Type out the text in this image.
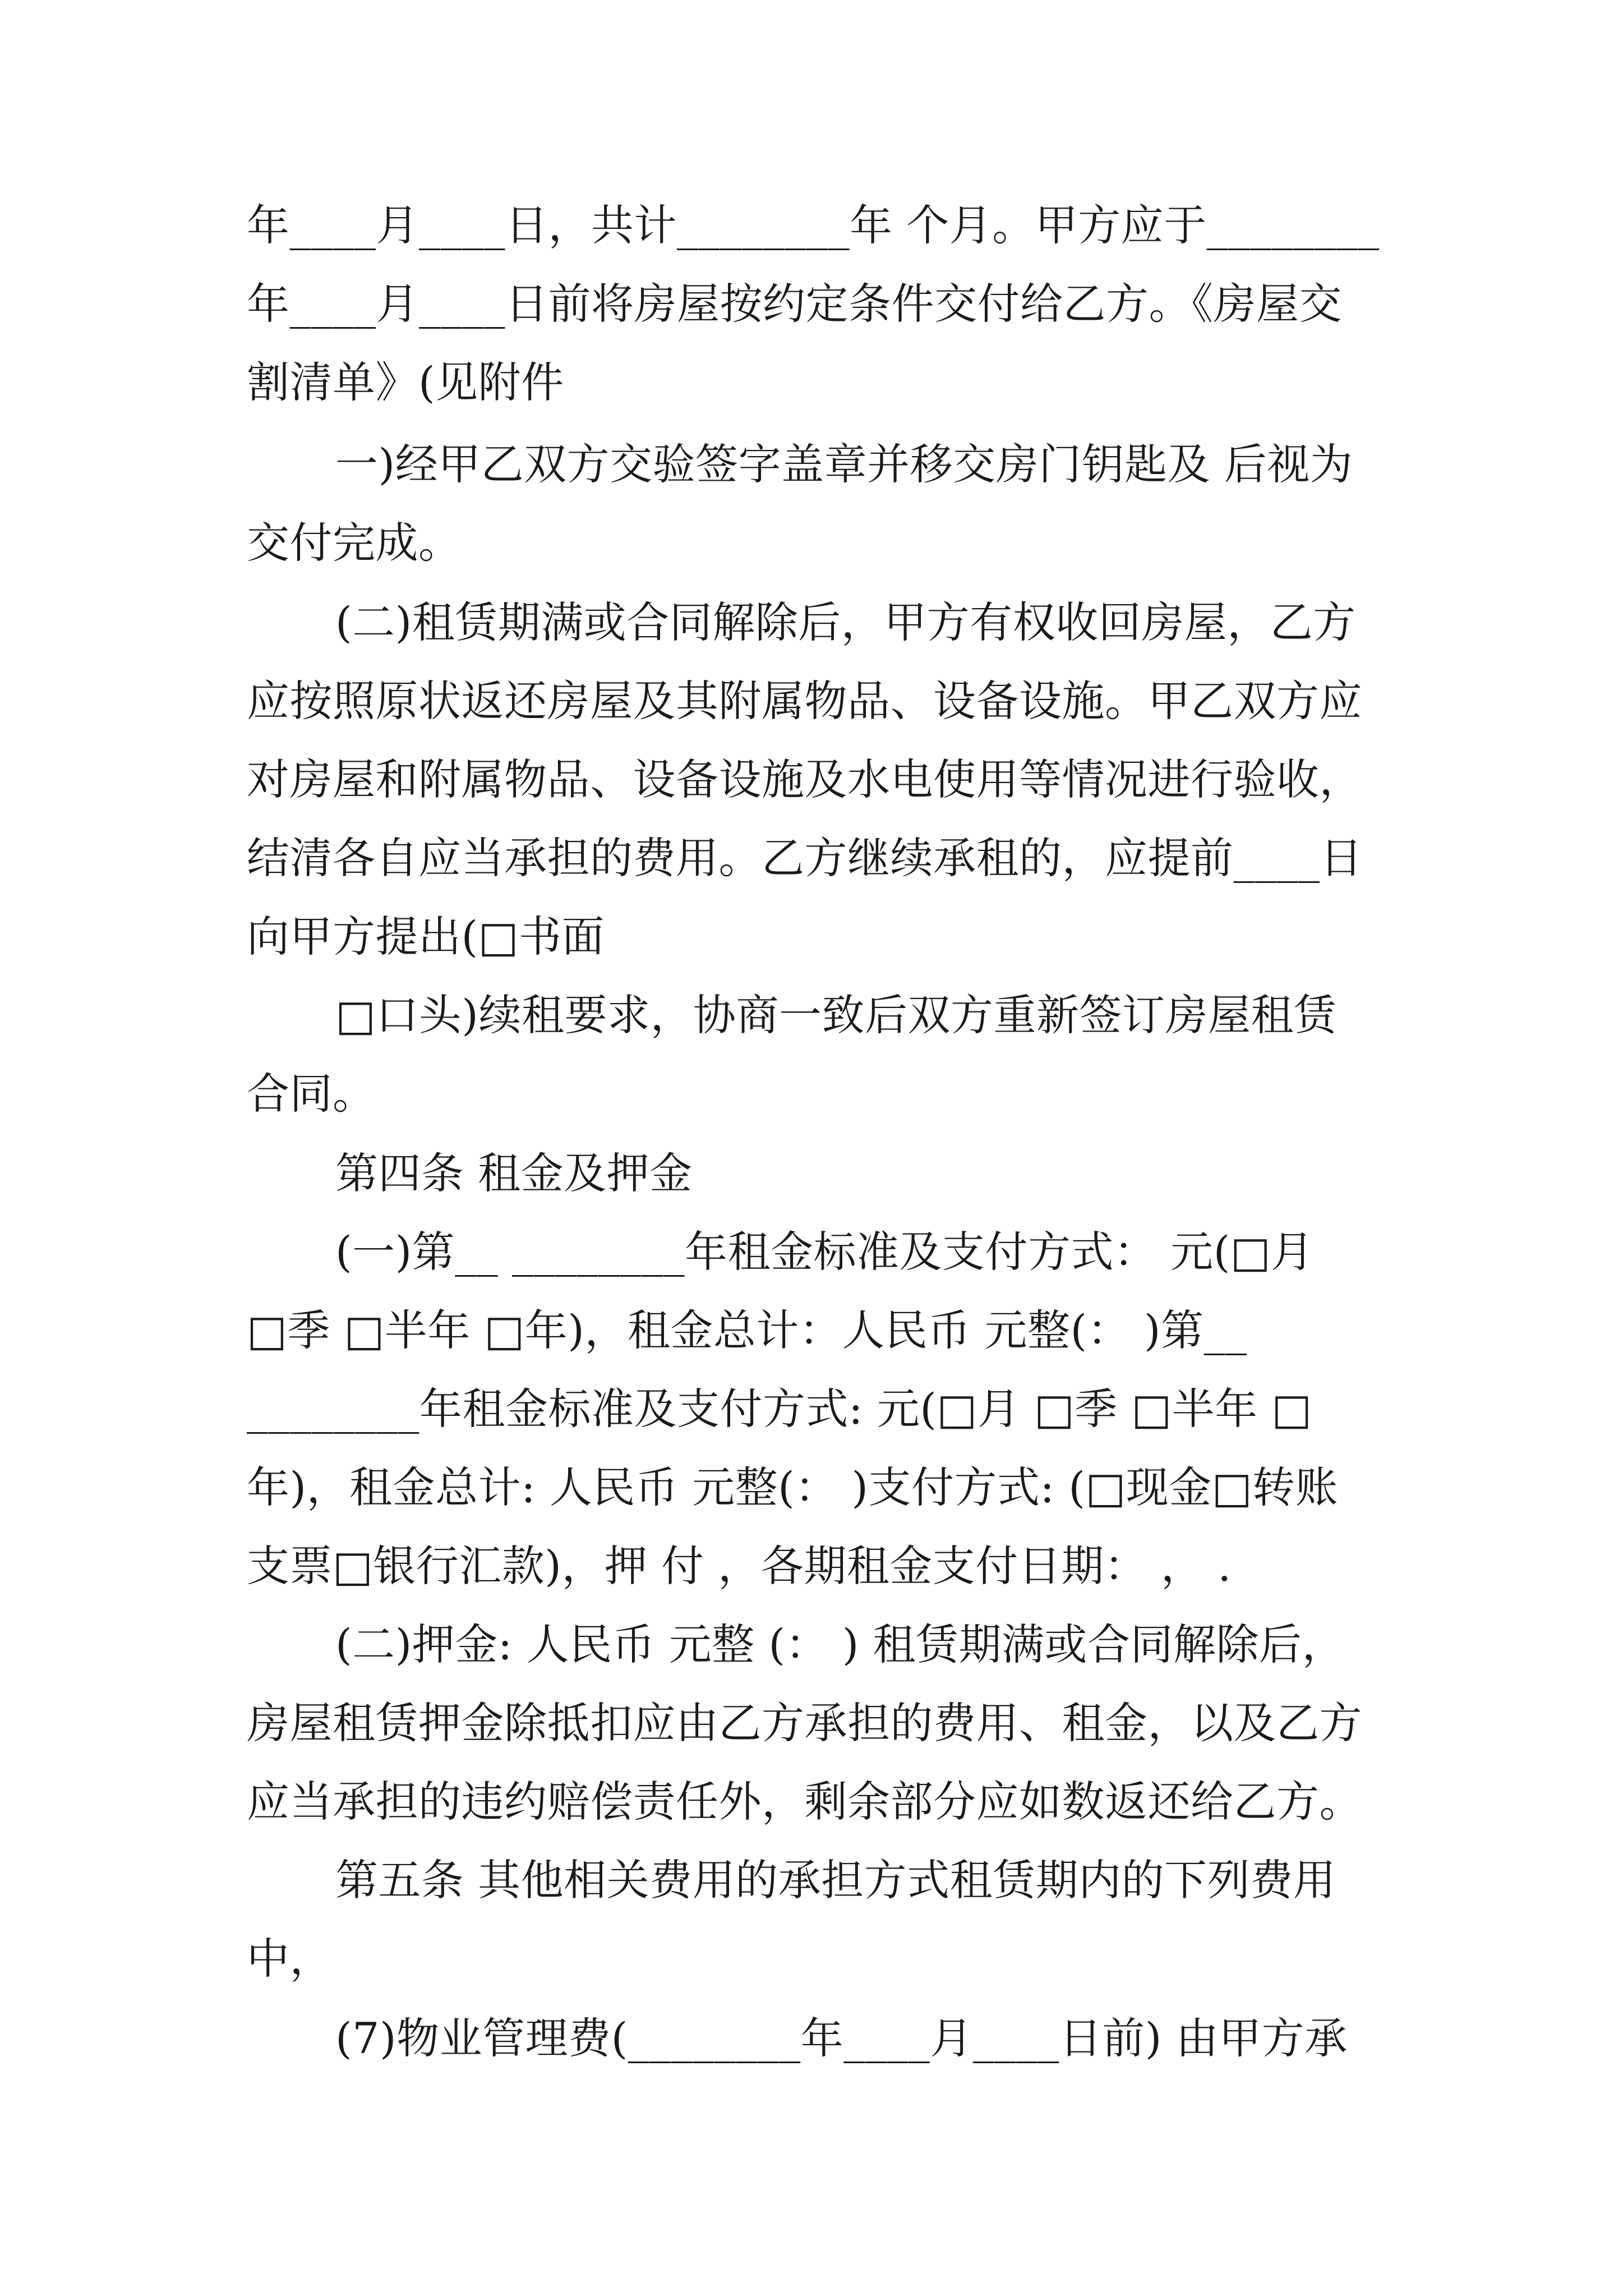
年____月____日，共计________年 个月。甲方应于________
年____月____日前将房屋按约定条件交付给乙方。《房屋交
割清单》(见附件
一)经甲乙双方交验签字盖章并移交房门钥匙及 后视为
交付完成。
(二)租赁期满或合同解除后，甲方有权收回房屋，乙方
应按照原状返还房屋及其附属物品、设备设施。甲乙双方应
对房屋和附属物品、设备设施及水电使用等情况进行验收，
结清各自应当承担的费用。乙方继续承租的，应提前____日
向甲方提出(□书面
□口头)续租要求，协商一致后双方重新签订房屋租赁
合同。
第四条 租金及押金
(一)第__ ________年租金标准及支付方式： 元(□月
□季 □半年 □年)，租金总计：人民币 元整(： )第__
________年租金标准及支付方式: 元(□月 □季 □半年 □
年)，租金总计: 人民币 元整(： )支付方式: (□现金□转账
支票□银行汇款)，押 付 ，各期租金支付日期： ， .
(二)押金: 人民币 元整 (： ) 租赁期满或合同解除后，
房屋租赁押金除抵扣应由乙方承担的费用、租金，以及乙方
应当承担的违约赔偿责任外，剩余部分应如数返还给乙方。
第五条 其他相关费用的承担方式租赁期内的下列费用
中，
(7)物业管理费(________年____月____日前) 由甲方承
